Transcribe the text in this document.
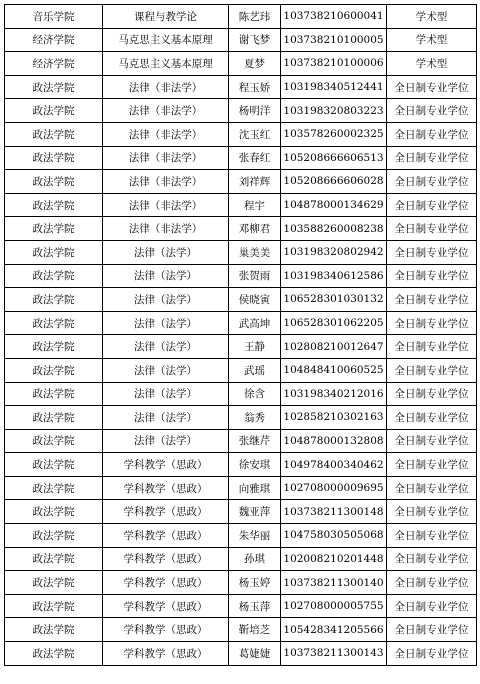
音乐学院	课程与教学论	陈艺玮	103738210600041	学术型
经济学院	马克思主义基本原理	谢飞梦	103738210100005	学术型
经济学院	马克思主义基本原理	夏梦	103738210100006	学术型
政法学院	法律（非法学）	程玉娇	103198340512441	全日制专业学位
政法学院	法律（非法学）	杨明洋	103198320803223	全日制专业学位
政法学院	法律（非法学）	沈玉红	103578260002325	全日制专业学位
政法学院	法律（非法学）	张春红	105208666606513	全日制专业学位
政法学院	法律（非法学）	刘祥辉	105208666606028	全日制专业学位
政法学院	法律（非法学）	程宇	104878000134629	全日制专业学位
政法学院	法律（非法学）	邓柳君	103588260008238	全日制专业学位
政法学院	法律（法学）	巢美美	103198320802942	全日制专业学位
政法学院	法律（法学）	张贺雨	103198340612586	全日制专业学位
政法学院	法律（法学）	侯晓寅	106528301030132	全日制专业学位
政法学院	法律（法学）	武高坤	106528301062205	全日制专业学位
政法学院	法律（法学）	王静	102808210012647	全日制专业学位
政法学院	法律（法学）	武瑶	104848410060525	全日制专业学位
政法学院	法律（法学）	徐含	103198340212016	全日制专业学位
政法学院	法律（法学）	翁秀	102858210302163	全日制专业学位
政法学院	法律（法学）	张继芹	104878000132808	全日制专业学位
政法学院	学科教学（思政）	徐安琪	104978400340462	全日制专业学位
政法学院	学科教学（思政）	向雅琪	102708000009695	全日制专业学位
政法学院	学科教学（思政）	魏亚萍	103738211300148	全日制专业学位
政法学院	学科教学（思政）	朱华丽	104758030505068	全日制专业学位
政法学院	学科教学（思政）	孙琪	102008210201448	全日制专业学位
政法学院	学科教学（思政）	杨玉婷	103738211300140	全日制专业学位
政法学院	学科教学（思政）	杨玉萍	102708000005755	全日制专业学位
政法学院	学科教学（思政）	靳培芝	105428341205566	全日制专业学位
政法学院	学科教学（思政）	葛婕婕	103738211300143	全日制专业学位
